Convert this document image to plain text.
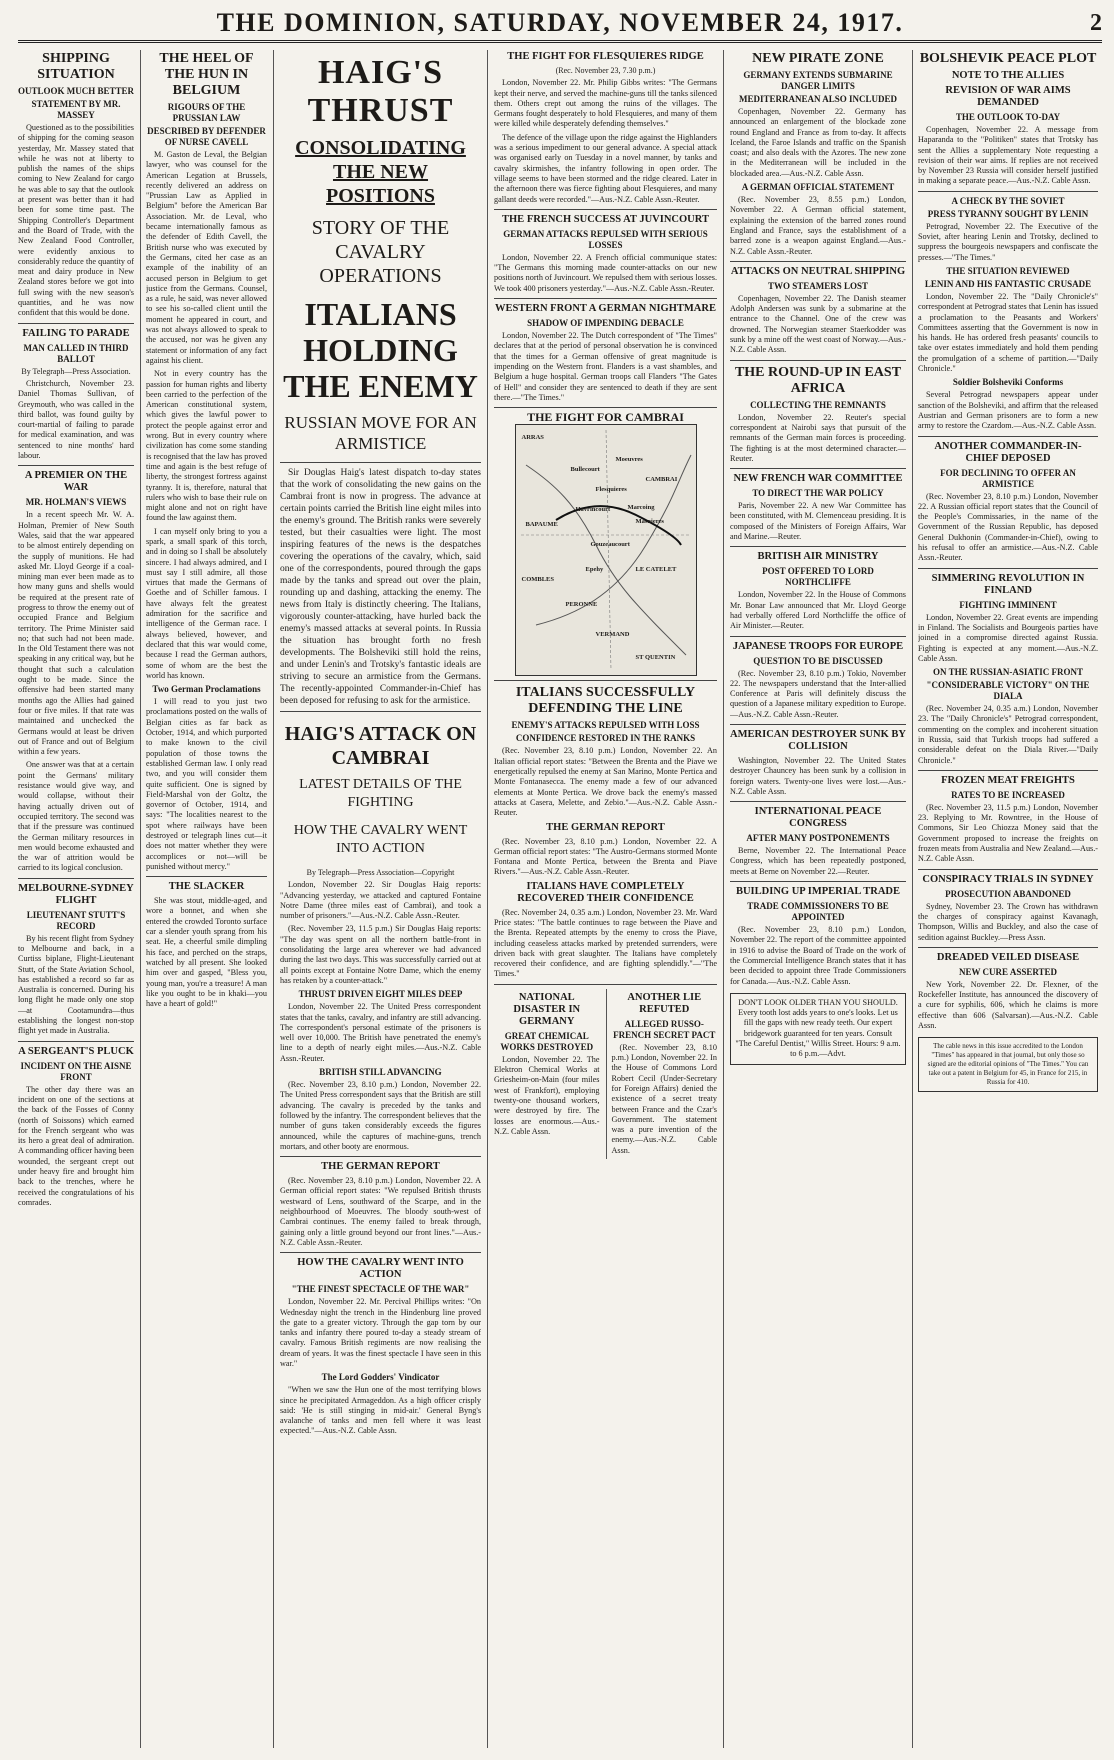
THE DOMINION, SATURDAY, NOVEMBER 24, 1917.	2
SHIPPING SITUATION
OUTLOOK MUCH BETTER
STATEMENT BY MR. MASSEY

Questioned as to the possibilities of shipping for the coming season yesterday, Mr. Massey stated that while he was not at liberty to publish the names of the ships coming to New Zealand for cargo he was able to say that the outlook at present was better than it had been for some time past. The Shipping Controller's Department and the Board of Trade, with the New Zealand Food Controller, were evidently anxious to considerably reduce the quantity of meat and dairy produce in New Zealand stores before we got into full swing with the new season's quantities, and he was now confident that this would be done.

FAILING TO PARADE
MAN CALLED IN THIRD BALLOT
By Telegraph—Press Association.

Christchurch, November 23. Daniel Thomas Sullivan, of Greymouth, who was called in the third ballot, was found guilty by court-martial of failing to parade for medical examination, and was sentenced to nine months' hard labour.

A PREMIER ON THE WAR
MR. HOLMAN'S VIEWS

In a recent speech Mr. W. A. Holman, Premier of New South Wales, said that the war appeared to be almost entirely depending on the supply of munitions. He had asked Mr. Lloyd George if a coal-mining man ever been made as to how many guns and shells would be required at the present rate of progress to throw the enemy out of occupied France and Belgium territory. The Prime Minister said no; that such had not been made. In the Old Testament there was not speaking in any critical way, but he thought that such a calculation ought to be made. Since the offensive had been started many months ago the Allies had gained four or five miles. If that rate was maintained and unchecked the Germans would at least be driven out of France and out of Belgium within a few years.

One answer was that at a certain point the Germans' military resistance would give way, and would collapse, without their having actually driven out of occupied territory. The second was that if the pressure was continued the German military resources in men would become exhausted and the war of attrition would be carried to its logical conclusion.

MELBOURNE-SYDNEY FLIGHT
LIEUTENANT STUTT'S RECORD

By his recent flight from Sydney to Melbourne and back, in a Curtiss biplane, Flight-Lieutenant Stutt, of the State Aviation School, has established a record so far as Australia is concerned. During his long flight he made only one stop—at Cootamundra—thus establishing the longest non-stop flight yet made in Australia.

A SERGEANT'S PLUCK
INCIDENT ON THE AISNE FRONT

The other day there was an incident on one of the sections at the back of the Fosses of Conny (north of Soissons) which earned for the French sergeant who was its hero a great deal of admiration. A commanding officer having been wounded, the sergeant crept out under heavy fire and brought him back to the trenches, where he received the congratulations of his comrades.

THE HEEL OF THE HUN IN BELGIUM
RIGOURS OF THE PRUSSIAN LAW
DESCRIBED BY DEFENDER OF NURSE CAVELL

M. Gaston de Leval, the Belgian lawyer, who was counsel for the American Legation at Brussels, recently delivered an address on "Prussian Law as Applied in Belgium" before the American Bar Association. Mr. de Leval, who became internationally famous as the defender of Edith Cavell, the British nurse who was executed by the Germans, cited her case as an example of the inability of an accused person in Belgium to get justice from the Germans. Counsel, as a rule, he said, was never allowed to see his so-called client until the moment he appeared in court, and was not always allowed to speak to the accused, nor was he given any statement or information of any fact against his client.

Not in every country has the passion for human rights and liberty been carried to the perfection of the American constitutional system, which gives the lawful power to protect the people against error and wrong. But in every country where civilization has come some standing is recognised that the law has proved time and again is the best refuge of liberty, the strongest fortress against tyranny. It is, therefore, natural that rulers who wish to base their rule on might alone and not on right have found the law against them.

I can myself only bring to you a spark, a small spark of this torch, and in doing so I shall be absolutely sincere. I had always admired, and I must say I still admire, all those virtues that made the Germans of Goethe and of Schiller famous. I have always felt the greatest admiration for the sacrifice and intelligence of the German race. I always believed, however, and declared that this war would come, because I read the German authors, some of whom are the best the world has known.

Two German Proclamations

I will read to you just two proclamations posted on the walls of Belgian cities as far back as October, 1914, and which purported to make known to the civil population of those towns the established German law. I only read two, and you will consider them quite sufficient. One is signed by Field-Marshal von der Goltz, the governor of October, 1914, and says: "The localities nearest to the spot where railways have been destroyed or telegraph lines cut—it does not matter whether they were accomplices or not—will be punished without mercy."

THE SLACKER

She was stout, middle-aged, and wore a bonnet, and when she entered the crowded Toronto surface car a slender youth sprang from his seat. He, a cheerful smile dimpling his face, and perched on the straps, watched by all present. She looked him over and gasped, "Bless you, young man, you're a treasure! A man like you ought to be in khaki—you have a heart of gold!"

HAIG'S THRUST
CONSOLIDATING THE NEW POSITIONS
STORY OF THE CAVALRY OPERATIONS
ITALIANS HOLDING THE ENEMY
RUSSIAN MOVE FOR AN ARMISTICE

Sir Douglas Haig's latest dispatch to-day states that the work of consolidating the new gains on the Cambrai front is now in progress. The advance at certain points carried the British line eight miles into the enemy's ground. The British ranks were severely tested, but their casualties were light. The most inspiring features of the news is the despatches covering the operations of the cavalry, which, said one of the correspondents, poured through the gaps made by the tanks and spread out over the plain, rounding up and dashing, attacking the enemy. The news from Italy is distinctly cheering. The Italians, vigorously counter-attacking, have hurled back the enemy's massed attacks at several points. In Russia the situation has brought forth no fresh developments. The Bolsheviki still hold the reins, and under Lenin's and Trotsky's fantastic ideals are striving to secure an armistice from the Germans. The recently-appointed Commander-in-Chief has been deposed for refusing to ask for the armistice.

HAIG'S ATTACK ON CAMBRAI
LATEST DETAILS OF THE FIGHTING
HOW THE CAVALRY WENT INTO ACTION
By Telegraph—Press Association—Copyright

London, November 22. Sir Douglas Haig reports: "Advancing yesterday, we attacked and captured Fontaine Notre Dame (three miles east of Cambrai), and took a number of prisoners."—Aus.-N.Z. Cable Assn.-Reuter.

(Rec. November 23, 11.5 p.m.) Sir Douglas Haig reports: "The day was spent on all the northern battle-front in consolidating the large area wherever we had advanced during the last two days. This was successfully carried out at all points except at Fontaine Notre Dame, which the enemy has retaken by a counter-attack."

THRUST DRIVEN EIGHT MILES DEEP

London, November 22. The United Press correspondent states that the tanks, cavalry, and infantry are still advancing. The correspondent's personal estimate of the prisoners is well over 10,000. The British have penetrated the enemy's line to a depth of nearly eight miles.—Aus.-N.Z. Cable Assn.-Reuter.

BRITISH STILL ADVANCING

(Rec. November 23, 8.10 p.m.) London, November 22. The United Press correspondent says that the British are still advancing. The cavalry is preceded by the tanks and followed by the infantry. The correspondent believes that the number of guns taken considerably exceeds the figures announced, while the captures of machine-guns, trench mortars, and other booty are enormous.

THE GERMAN REPORT

(Rec. November 23, 8.10 p.m.) London, November 22. A German official report states: "We repulsed British thrusts westward of Lens, southward of the Scarpe, and in the neighbourhood of Moeuvres. The bloody south-west of Cambrai continues. The enemy failed to break through, gaining only a little ground beyond our front lines."—Aus.-N.Z. Cable Assn.-Reuter.

HOW THE CAVALRY WENT INTO ACTION
"THE FINEST SPECTACLE OF THE WAR"

London, November 22. Mr. Percival Phillips writes: "On Wednesday night the trench in the Hindenburg line proved the gate to a greater victory. Through the gap torn by our tanks and infantry there poured to-day a steady stream of cavalry. Famous British regiments are now realising the dream of years. It was the finest spectacle I have seen in this war."

The Lord Godders' Vindicator

"When we saw the Hun one of the most terrifying blows since he precipitated Armageddon. As a high officer crisply said: 'He is still stinging in mid-air.' General Byng's avalanche of tanks and men fell where it was least expected."—Aus.-N.Z. Cable Assn.

THE FIGHT FOR FLESQUIERES RIDGE
(Rec. November 23, 7.30 p.m.)

London, November 22. Mr. Philip Gibbs writes: "The Germans kept their nerve, and served the machine-guns till the tanks silenced them. Others crept out among the ruins of the villages. The Germans fought desperately to hold Flesquieres, and many of them were killed while desperately defending themselves."

The defence of the village upon the ridge against the Highlanders was a serious impediment to our general advance. A special attack was organised early on Tuesday in a novel manner, by tanks and cavalry skirmishes, the infantry following in open order. The village seems to have been stormed and the ridge cleared. Later in the afternoon there was fierce fighting about Flesquieres, and many gallant deeds were recorded."—Aus.-N.Z. Cable Assn.-Reuter.

THE FRENCH SUCCESS AT JUVINCOURT
GERMAN ATTACKS REPULSED WITH SERIOUS LOSSES

London, November 22. A French official communique states: "The Germans this morning made counter-attacks on our new positions north of Juvincourt. We repulsed them with serious losses. We took 400 prisoners yesterday."—Aus.-N.Z. Cable Assn.-Reuter.

WESTERN FRONT A GERMAN NIGHTMARE
SHADOW OF IMPENDING DEBACLE

London, November 22. The Dutch correspondent of "The Times" declares that at the period of personal observation he is convinced that the times for a German offensive of great magnitude is impending on the Western front. Flanders is a vast shambles, and Belgium a huge hospital. German troops call Flanders "The Gates of Hell" and consider they are sentenced to death if they are sent there.—"The Times."

THE FIGHT FOR CAMBRAI
ARRAS
Bullecourt
Moeuvres
BAPAUME
Flesquieres
CAMBRAI
Marcoing
Masnieres
LE CATELET
COMBLES
PERONNE
ST QUENTIN
Havrincourt
Gouzeaucourt
Epehy
VERMAND
ITALIANS SUCCESSFULLY DEFENDING THE LINE
ENEMY'S ATTACKS REPULSED WITH LOSS
CONFIDENCE RESTORED IN THE RANKS

(Rec. November 23, 8.10 p.m.) London, November 22. An Italian official report states: "Between the Brenta and the Piave we energetically repulsed the enemy at San Marino, Monte Pertica and Monte Fontanasecca. The enemy made a few of our advanced elements at Monte Pertica. We drove back the enemy's massed attacks at Casera, Melette, and Zebio."—Aus.-N.Z. Cable Assn.-Reuter.

THE GERMAN REPORT

(Rec. November 23, 8.10 p.m.) London, November 22. A German official report states: "The Austro-Germans stormed Monte Fontana and Monte Pertica, between the Brenta and Piave Rivers."—Aus.-N.Z. Cable Assn.-Reuter.

ITALIANS HAVE COMPLETELY RECOVERED THEIR CONFIDENCE

(Rec. November 24, 0.35 a.m.) London, November 23. Mr. Ward Price states: "The battle continues to rage between the Piave and the Brenta. Repeated attempts by the enemy to cross the Piave, including ceaseless attacks marked by pretended surrenders, were driven back with great slaughter. The Italians have completely recovered their confidence, and are fighting splendidly."—"The Times."

NATIONAL DISASTER IN GERMANY
GREAT CHEMICAL WORKS DESTROYED

London, November 22. The Elektron Chemical Works at Griesheim-on-Main (four miles west of Frankfort), employing twenty-one thousand workers, were destroyed by fire. The losses are enormous.—Aus.-N.Z. Cable Assn.

ANOTHER LIE REFUTED
ALLEGED RUSSO-FRENCH SECRET PACT

(Rec. November 23, 8.10 p.m.) London, November 22. In the House of Commons Lord Robert Cecil (Under-Secretary for Foreign Affairs) denied the existence of a secret treaty between France and the Czar's Government. The statement was a pure invention of the enemy.—Aus.-N.Z. Cable Assn.

NEW PIRATE ZONE
GERMANY EXTENDS SUBMARINE DANGER LIMITS
MEDITERRANEAN ALSO INCLUDED

Copenhagen, November 22. Germany has announced an enlargement of the blockade zone round England and France as from to-day. It affects Iceland, the Faroe Islands and traffic on the Spanish coast; and also deals with the Azores. The new zone in the Mediterranean will be included in the blockaded area.—Aus.-N.Z. Cable Assn.

A GERMAN OFFICIAL STATEMENT

(Rec. November 23, 8.55 p.m.) London, November 22. A German official statement, explaining the extension of the barred zones round England and France, says the establishment of a barred zone is a weapon against England.—Aus.-N.Z. Cable Assn.-Reuter.

ATTACKS ON NEUTRAL SHIPPING
TWO STEAMERS LOST

Copenhagen, November 22. The Danish steamer Adolph Andersen was sunk by a submarine at the entrance to the Channel. One of the crew was drowned. The Norwegian steamer Staerkodder was sunk by a mine off the west coast of Norway.—Aus.-N.Z. Cable Assn.

THE ROUND-UP IN EAST AFRICA
COLLECTING THE REMNANTS

London, November 22. Reuter's special correspondent at Nairobi says that pursuit of the remnants of the German main forces is proceeding. The fighting is at the most determined character.—Reuter.

NEW FRENCH WAR COMMITTEE
TO DIRECT THE WAR POLICY

Paris, November 22. A new War Committee has been constituted, with M. Clemenceau presiding. It is composed of the Ministers of Foreign Affairs, War and Marine.—Reuter.

BRITISH AIR MINISTRY
POST OFFERED TO LORD NORTHCLIFFE

London, November 22. In the House of Commons Mr. Bonar Law announced that Mr. Lloyd George had verbally offered Lord Northcliffe the office of Air Minister.—Reuter.

JAPANESE TROOPS FOR EUROPE
QUESTION TO BE DISCUSSED

(Rec. November 23, 8.10 p.m.) Tokio, November 22. The newspapers understand that the Inter-allied Conference at Paris will definitely discuss the question of a Japanese military expedition to Europe.—Aus.-N.Z. Cable Assn.-Reuter.

AMERICAN DESTROYER SUNK BY COLLISION

Washington, November 22. The United States destroyer Chauncey has been sunk by a collision in foreign waters. Twenty-one lives were lost.—Aus.-N.Z. Cable Assn.

INTERNATIONAL PEACE CONGRESS
AFTER MANY POSTPONEMENTS

Berne, November 22. The International Peace Congress, which has been repeatedly postponed, meets at Berne on November 22.—Reuter.

BUILDING UP IMPERIAL TRADE
TRADE COMMISSIONERS TO BE APPOINTED

(Rec. November 23, 8.10 p.m.) London, November 22. The report of the committee appointed in 1916 to advise the Board of Trade on the work of the Commercial Intelligence Branch states that it has been decided to appoint three Trade Commissioners for Canada.—Aus.-N.Z. Cable Assn.

DON'T LOOK OLDER THAN YOU SHOULD. Every tooth lost adds years to one's looks. Let us fill the gaps with new ready teeth. Our expert bridgework guaranteed for ten years. Consult "The Careful Dentist," Willis Street. Hours: 9 a.m. to 6 p.m.—Advt.
BOLSHEVIK PEACE PLOT
NOTE TO THE ALLIES
REVISION OF WAR AIMS DEMANDED
THE OUTLOOK TO-DAY

Copenhagen, November 22. A message from Haparanda to the "Politiken" states that Trotsky has sent the Allies a supplementary Note requesting a revision of their war aims. If replies are not received by November 23 Russia will consider herself justified in making a separate peace.—Aus.-N.Z. Cable Assn.

A CHECK BY THE SOVIET
PRESS TYRANNY SOUGHT BY LENIN

Petrograd, November 22. The Executive of the Soviet, after hearing Lenin and Trotsky, declined to suppress the bourgeois newspapers and confiscate the presses.—"The Times."

THE SITUATION REVIEWED
LENIN AND HIS FANTASTIC CRUSADE

London, November 22. The "Daily Chronicle's" correspondent at Petrograd states that Lenin has issued a proclamation to the Peasants and Workers' Committees asserting that the Government is now in his hands. He has ordered fresh peasants' councils to take over estates immediately and hold them pending the promulgation of a scheme of partition.—"Daily Chronicle."

Soldier Bolsheviki Conforms

Several Petrograd newspapers appear under sanction of the Bolsheviki, and affirm that the released Austrian and German prisoners are to form a new army to restore the Czardom.—Aus.-N.Z. Cable Assn.

ANOTHER COMMANDER-IN-CHIEF DEPOSED
FOR DECLINING TO OFFER AN ARMISTICE

(Rec. November 23, 8.10 p.m.) London, November 22. A Russian official report states that the Council of the People's Commissaries, in the name of the Government of the Russian Republic, has deposed General Dukhonin (Commander-in-Chief), owing to his refusal to offer an armistice.—Aus.-N.Z. Cable Assn.-Reuter.

SIMMERING REVOLUTION IN FINLAND
FIGHTING IMMINENT

London, November 22. Great events are impending in Finland. The Socialists and Bourgeois parties have joined in a compromise directed against Russia. Fighting is expected at any moment.—Aus.-N.Z. Cable Assn.

ON THE RUSSIAN-ASIATIC FRONT
"CONSIDERABLE VICTORY" ON THE DIALA

(Rec. November 24, 0.35 a.m.) London, November 23. The "Daily Chronicle's" Petrograd correspondent, commenting on the complex and incoherent situation in Russia, said that Turkish troops had suffered a considerable defeat on the Diala River.—"Daily Chronicle."

FROZEN MEAT FREIGHTS
RATES TO BE INCREASED

(Rec. November 23, 11.5 p.m.) London, November 23. Replying to Mr. Rowntree, in the House of Commons, Sir Leo Chiozza Money said that the Government proposed to increase the freights on frozen meats from Australia and New Zealand.—Aus.-N.Z. Cable Assn.

CONSPIRACY TRIALS IN SYDNEY
PROSECUTION ABANDONED

Sydney, November 23. The Crown has withdrawn the charges of conspiracy against Kavanagh, Thompson, Willis and Buckley, and also the case of sedition against Buckley.—Press Assn.

DREADED VEILED DISEASE
NEW CURE ASSERTED

New York, November 22. Dr. Flexner, of the Rockefeller Institute, has announced the discovery of a cure for syphilis, 606, which he claims is more effective than 606 (Salvarsan).—Aus.-N.Z. Cable Assn.

The cable news in this issue accredited to the London "Times" has appeared in that journal, but only those so signed are the editorial opinions of "The Times." You can take out a patent in Belgium for 45, in France for 215, in Russia for 410.
